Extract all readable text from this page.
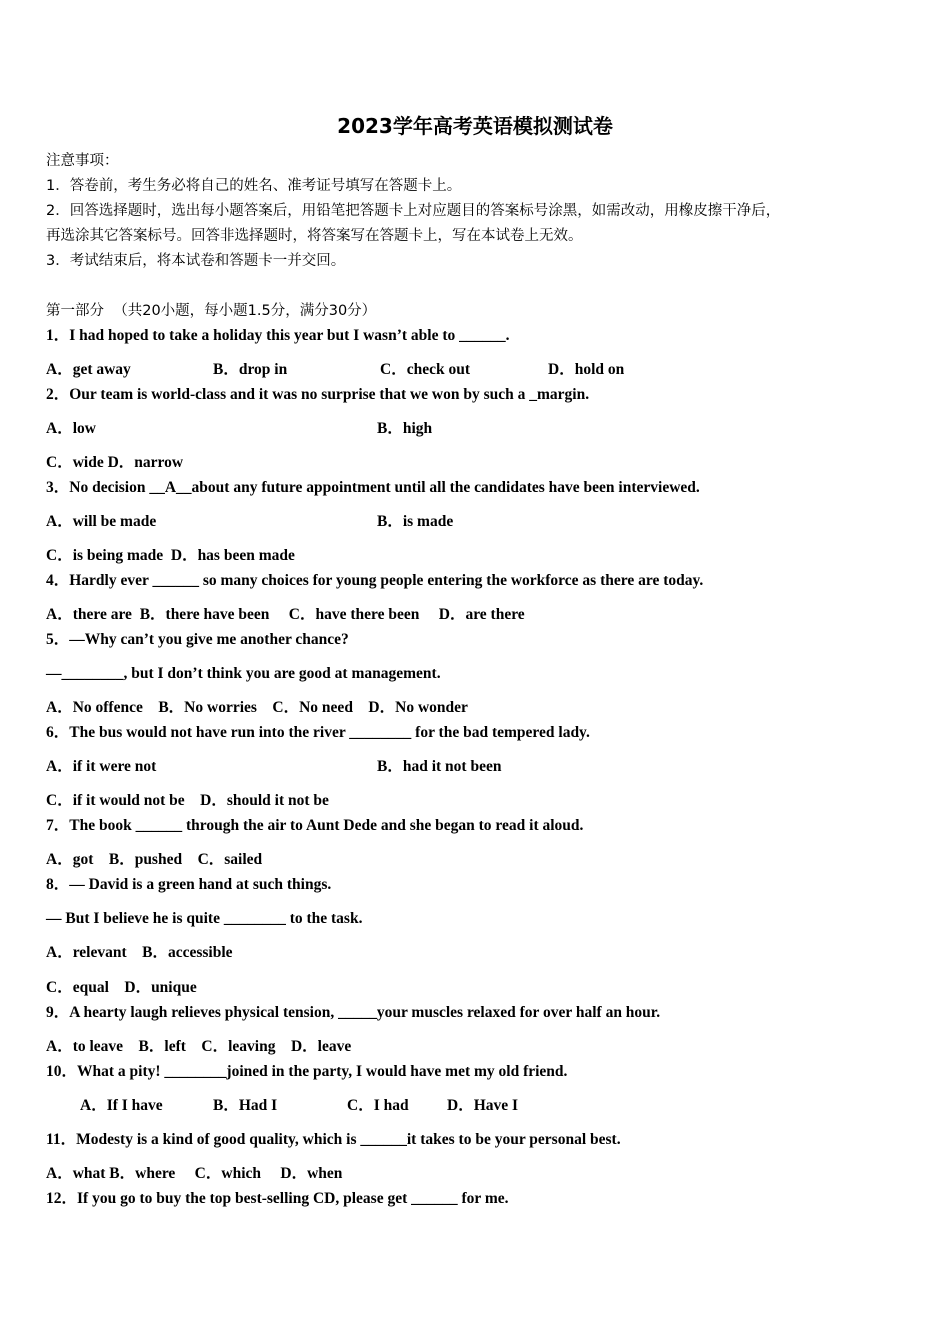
2023学年高考英语模拟测试卷
注意事项：
1．答卷前，考生务必将自己的姓名、准考证号填写在答题卡上。
2．回答选择题时，选出每小题答案后，用铅笔把答题卡上对应题目的答案标号涂黑，如需改动，用橡皮擦干净后，
再选涂其它答案标号。回答非选择题时，将答案写在答题卡上，写在本试卷上无效。
3．考试结束后，将本试卷和答题卡一并交回。
第一部分  （共20小题，每小题1.5分，满分30分）
1．I had hoped to take a holiday this year but I wasn’t able to ______.
A．get away	B．drop in	C．check out	D．hold on
2．Our team is world-class and it was no surprise that we won by such a _margin.
A．low	B．high
C．wide D．narrow
3．No decision __A__about any future appointment until all the candidates have been interviewed.
A．will be made	B．is made
C．is being made  D．has been made
4．Hardly ever ______ so many choices for young people entering the workforce as there are today.
A．there are  B．there have been     C．have there been     D．are there
5．—Why can’t you give me another chance?
—________, but I don’t think you are good at management.
A．No offence    B．No worries    C．No need    D．No wonder
6．The bus would not have run into the river ________ for the bad tempered lady.
A．if it were not	B．had it not been
C．if it would not be    D．should it not be
7．The book ______ through the air to Aunt Dede and she began to read it aloud.
A．got    B．pushed    C．sailed
8．— David is a green hand at such things.
— But I believe he is quite ________ to the task.
A．relevant    B．accessible
C．equal    D．unique
9．A hearty laugh relieves physical tension, _____your muscles relaxed for over half an hour.
A．to leave    B．left    C．leaving    D．leave
10．What a pity! ________joined in the party, I would have met my old friend.
A．If I have	B．Had I	C．I had D．Have I
11．Modesty is a kind of good quality, which is ______it takes to be your personal best.
A．what B．where     C．which     D．when
12．If you go to buy the top best-selling CD, please get ______ for me.
